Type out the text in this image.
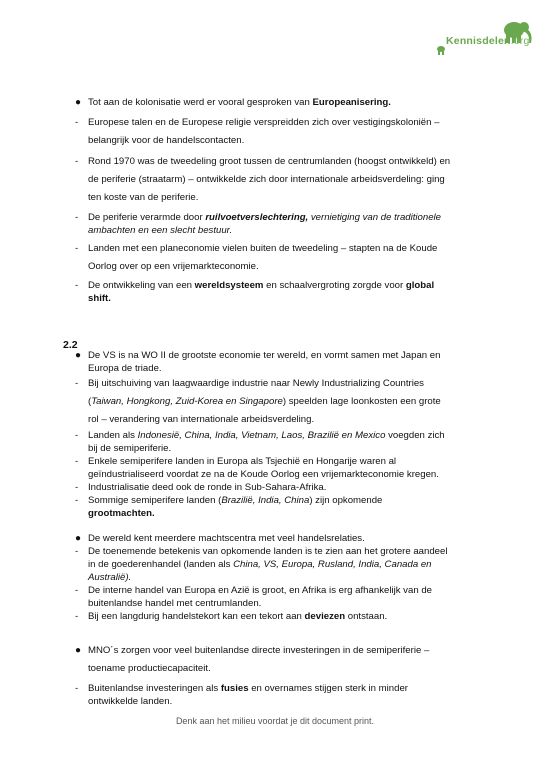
Kennisdelen.org
● Tot aan de kolonisatie werd er vooral gesproken van Europeanisering.
- Europese talen en de Europese religie verspreidden zich over vestigingskoloniën –
belangrijk voor de handelscontacten.
- Rond 1970 was de tweedeling groot tussen de centrumlanden (hoogst ontwikkeld) en
de periferie (straatarm) – ontwikkelde zich door internationale arbeidsverdeling: ging
ten koste van de periferie.
- De periferie verarmde door ruilvoetverslechtering, vernietiging van de traditionele
ambachten en een slecht bestuur.
- Landen met een planeconomie vielen buiten de tweedeling – stapten na de Koude
Oorlog over op een vrijemarkteconomie.
- De ontwikkeling van een wereldsysteem en schaalvergroting zorgde voor global
shift.
2.2
● De VS is na WO II de grootste economie ter wereld, en vormt samen met Japan en
Europa de triade.
- Bij uitschuiving van laagwaardige industrie naar Newly Industrializing Countries
(Taiwan, Hongkong, Zuid-Korea en Singapore) speelden lage loonkosten een grote
rol – verandering van internationale arbeidsverdeling.
- Landen als Indonesië, China, India, Vietnam, Laos, Brazilië en Mexico voegden zich
bij de semiperiferie.
- Enkele semiperifere landen in Europa als Tsjechië en Hongarije waren al
geïndustrialiseerd voordat ze na de Koude Oorlog een vrijemarkteconomie kregen.
- Industrialisatie deed ook de ronde in Sub-Sahara-Afrika.
- Sommige semiperifere landen (Brazilië, India, China) zijn opkomende
grootmachten.
● De wereld kent meerdere machtscentra met veel handelsrelaties.
- De toenemende betekenis van opkomende landen is te zien aan het grotere aandeel
in de goederenhandel (landen als China, VS, Europa, Rusland, India, Canada en
Australië).
- De interne handel van Europa en Azië is groot, en Afrika is erg afhankelijk van de
buitenlandse handel met centrumlanden.
- Bij een langdurig handelstekort kan een tekort aan deviezen ontstaan.
● MNO´s zorgen voor veel buitenlandse directe investeringen in de semiperiferie –
toename productiecapaciteit.
- Buitenlandse investeringen als fusies en overnames stijgen sterk in minder
ontwikkelde landen.
Denk aan het milieu voordat je dit document print.
